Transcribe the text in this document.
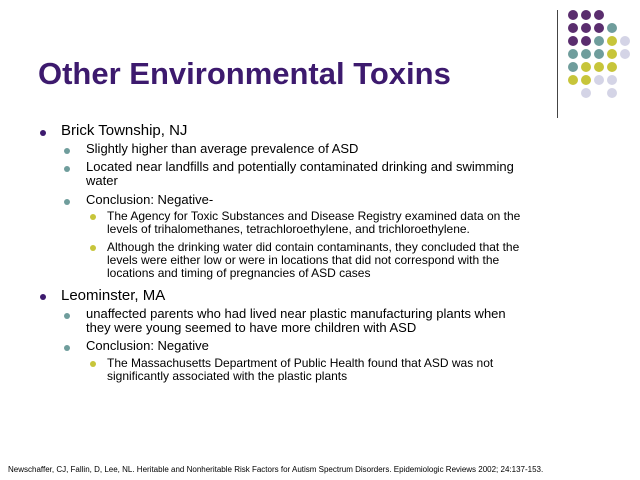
Other Environmental Toxins
Brick Township, NJ
Slightly higher than average prevalence of ASD
Located near landfills and potentially contaminated drinking and swimming
water
Conclusion: Negative-
The Agency for Toxic Substances and Disease Registry examined data on the
levels of trihalomethanes, tetrachloroethylene, and trichloroethylene.
Although the drinking water did contain contaminants, they concluded that the
levels were either low or were in locations that did not correspond with the
locations and timing of pregnancies of ASD cases
Leominster, MA
unaffected parents who had lived near plastic manufacturing plants when
they were young seemed to have more children with ASD
Conclusion: Negative
The Massachusetts Department of Public Health found that ASD was not
significantly associated with the plastic plants
Newschaffer, CJ, Fallin, D, Lee, NL. Heritable and Nonheritable Risk Factors for Autism Spectrum Disorders. Epidemiologic Reviews 2002; 24:137-153.
